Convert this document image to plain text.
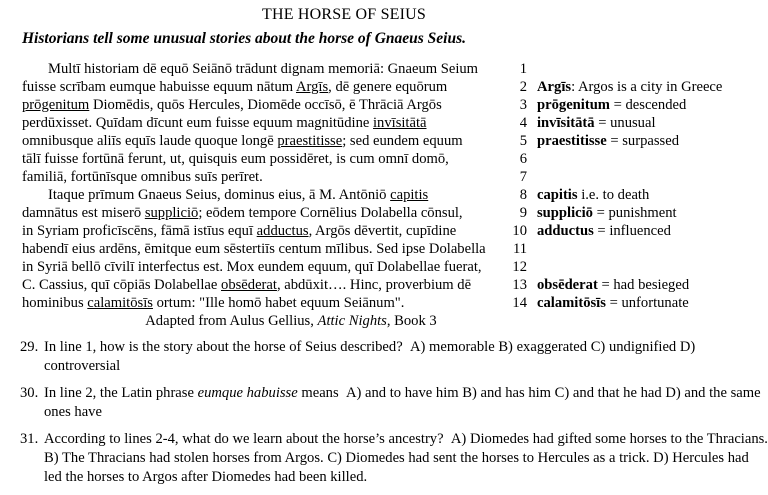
THE HORSE OF SEIUS
Historians tell some unusual stories about the horse of Gnaeus Seius.
Multī historiam dē equō Seiānō trādunt dignam memoriā: Gnaeum Seium
fuisse scrībam eumque habuisse equum nātum Argīs, dē genere equōrum
prōgenitum Diomēdis, quōs Hercules, Diomēde occīsō, ē Thrāciā Argōs
perdūxisset. Quīdam dīcunt eum fuisse equum magnitūdine invīsitātā
omnibusque aliīs equīs laude quoque longē praestitisse; sed eundem equum
tālī fuisse fortūnā ferunt, ut, quisquis eum possidēret, is cum omnī domō,
familiā, fortūnīsque omnibus suīs perīret.
Itaque prīmum Gnaeus Seius, dominus eius, ā M. Antōniō capitis
damnātus est miserō suppliciō; eōdem tempore Cornēlius Dolabella cōnsul,
in Syriam proficīscēns, fāmā istīus equī adductus, Argōs dēvertit, cupīdine
habendī eius ardēns, ēmitque eum sēstertiīs centum mīlibus. Sed ipse Dolabella
in Syriā bellō cīvilī interfectus est. Mox eundem equum, quī Dolabellae fuerat,
C. Cassius, quī cōpiās Dolabellae obsēderat, abdūxit…. Hinc, proverbium dē
hominibus calamitōsīs ortum: "Ille homō habet equum Seiānum".
Adapted from Aulus Gellius, Attic Nights, Book 3
1
2
3
4
5
6
7
8
9
10
11
12
13
14

Argīs: Argos is a city in Greece
prōgenitum = descended
invīsitātā = unusual
praestitisse = surpassed

capitis i.e. to death
suppliciō = punishment
adductus = influenced

obsēderat = had besieged
calamitōsīs = unfortunate
29. In line 1, how is the story about the horse of Seius described? A) memorable B) exaggerated C) undignified D) controversial
30. In line 2, the Latin phrase eumque habuisse means A) and to have him B) and has him C) and that he had D) and the same ones have
31. According to lines 2-4, what do we learn about the horse’s ancestry? A) Diomedes had gifted some horses to the Thracians. B) The Thracians had stolen horses from Argos. C) Diomedes had sent the horses to Hercules as a trick. D) Hercules had led the horses to Argos after Diomedes had been killed.
